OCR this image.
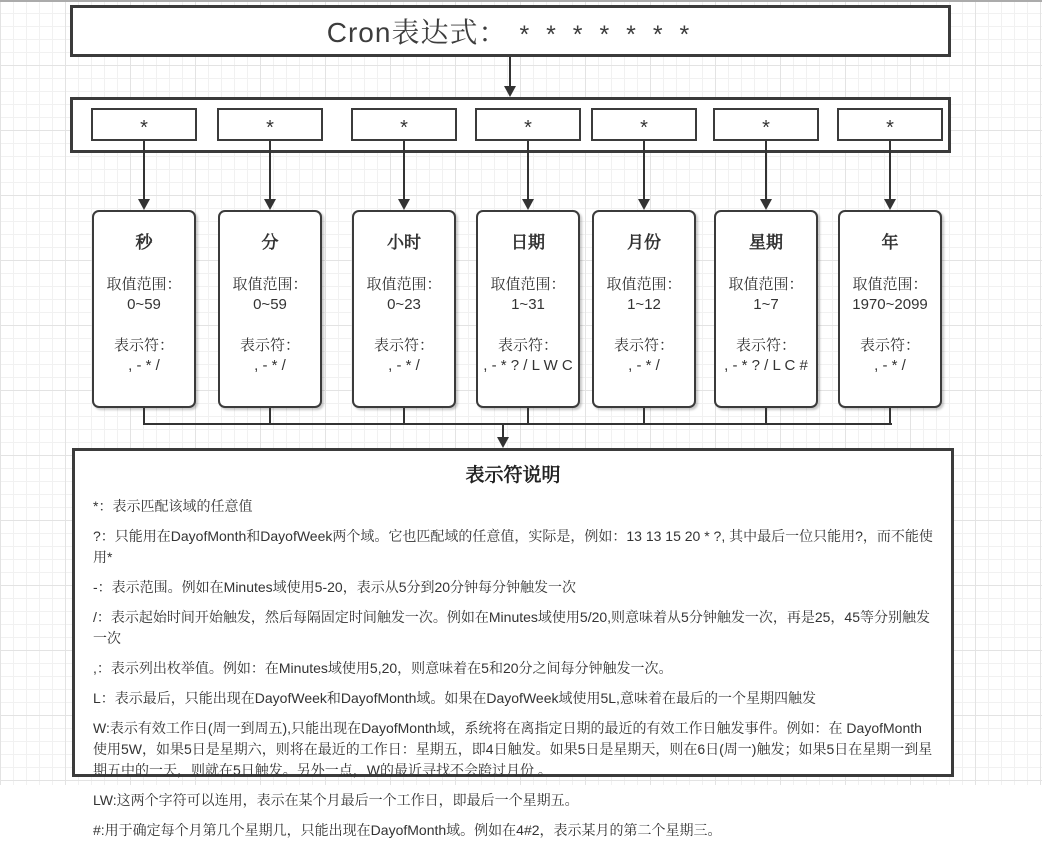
Cron表达式： * * * * * * *
*
秒
取值范围：
0~59
表示符：
, - * /
*
分
取值范围：
0~59
表示符：
, - * /
*
小时
取值范围：
0~23
表示符：
, - * /
*
日期
取值范围：
1~31
表示符：
, - * ? / L W C
*
月份
取值范围：
1~12
表示符：
, - * /
*
星期
取值范围：
1~7
表示符：
, - * ? / L C #
*
年
取值范围：
1970~2099
表示符：
, - * /
表示符说明

*：表示匹配该域的任意值

?：只能用在DayofMonth和DayofWeek两个域。它也匹配域的任意值，实际是，例如：13 13 15 20 * ?, 其中最后一位只能用?，而不能使用*

-：表示范围。例如在Minutes域使用5-20，表示从5分到20分钟每分钟触发一次

/：表示起始时间开始触发，然后每隔固定时间触发一次。例如在Minutes域使用5/20,则意味着从5分钟触发一次，再是25，45等分别触发一次

,：表示列出枚举值。例如：在Minutes域使用5,20，则意味着在5和20分之间每分钟触发一次。

L：表示最后，只能出现在DayofWeek和DayofMonth域。如果在DayofWeek域使用5L,意味着在最后的一个星期四触发

W:表示有效工作日(周一到周五),只能出现在DayofMonth域，系统将在离指定日期的最近的有效工作日触发事件。例如：在 DayofMonth使用5W，如果5日是星期六，则将在最近的工作日：星期五，即4日触发。如果5日是星期天，则在6日(周一)触发；如果5日在星期一到星期五中的一天，则就在5日触发。另外一点，W的最近寻找不会跨过月份 。

LW:这两个字符可以连用，表示在某个月最后一个工作日，即最后一个星期五。

#:用于确定每个月第几个星期几，只能出现在DayofMonth域。例如在4#2，表示某月的第二个星期三。
